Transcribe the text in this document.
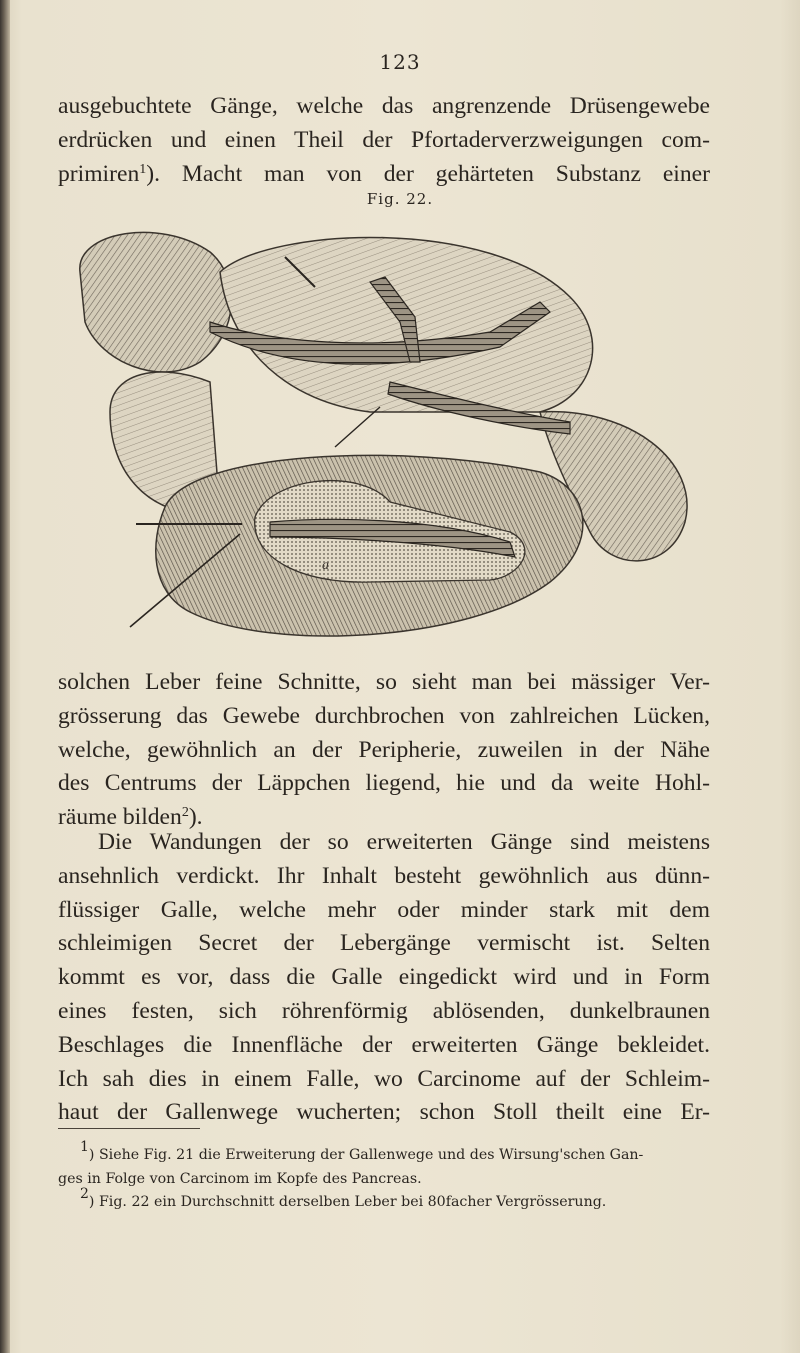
123
ausgebuchtete Gänge, welche das angrenzende Drüsengewebe
erdrücken und einen Theil der Pfortaderverzweigungen com-
primiren$^1$). Macht man von der gehärteten Substanz einer
Fig. 22.
a
solchen Leber feine Schnitte, so sieht man bei mässiger Ver-
grösserung das Gewebe durchbrochen von zahlreichen Lücken,
welche, gewöhnlich an der Peripherie, zuweilen in der Nähe
des Centrums der Läppchen liegend, hie und da weite Hohl-
räume bilden$^2$).
Die Wandungen der so erweiterten Gänge sind meistens
ansehnlich verdickt. Ihr Inhalt besteht gewöhnlich aus dünn-
flüssiger Galle, welche mehr oder minder stark mit dem
schleimigen Secret der Lebergänge vermischt ist. Selten
kommt es vor, dass die Galle eingedickt wird und in Form
eines festen, sich röhrenförmig ablösenden, dunkelbraunen
Beschlages die Innenfläche der erweiterten Gänge bekleidet.
Ich sah dies in einem Falle, wo Carcinome auf der Schleim-
haut der Gallenwege wucherten; schon Stoll theilt eine Er-
$^1$) Siehe Fig. 21 die Erweiterung der Gallenwege und des Wirsung'schen Gan-
ges in Folge von Carcinom im Kopfe des Pancreas.
$^2$) Fig. 22 ein Durchschnitt derselben Leber bei 80facher Vergrösserung.
